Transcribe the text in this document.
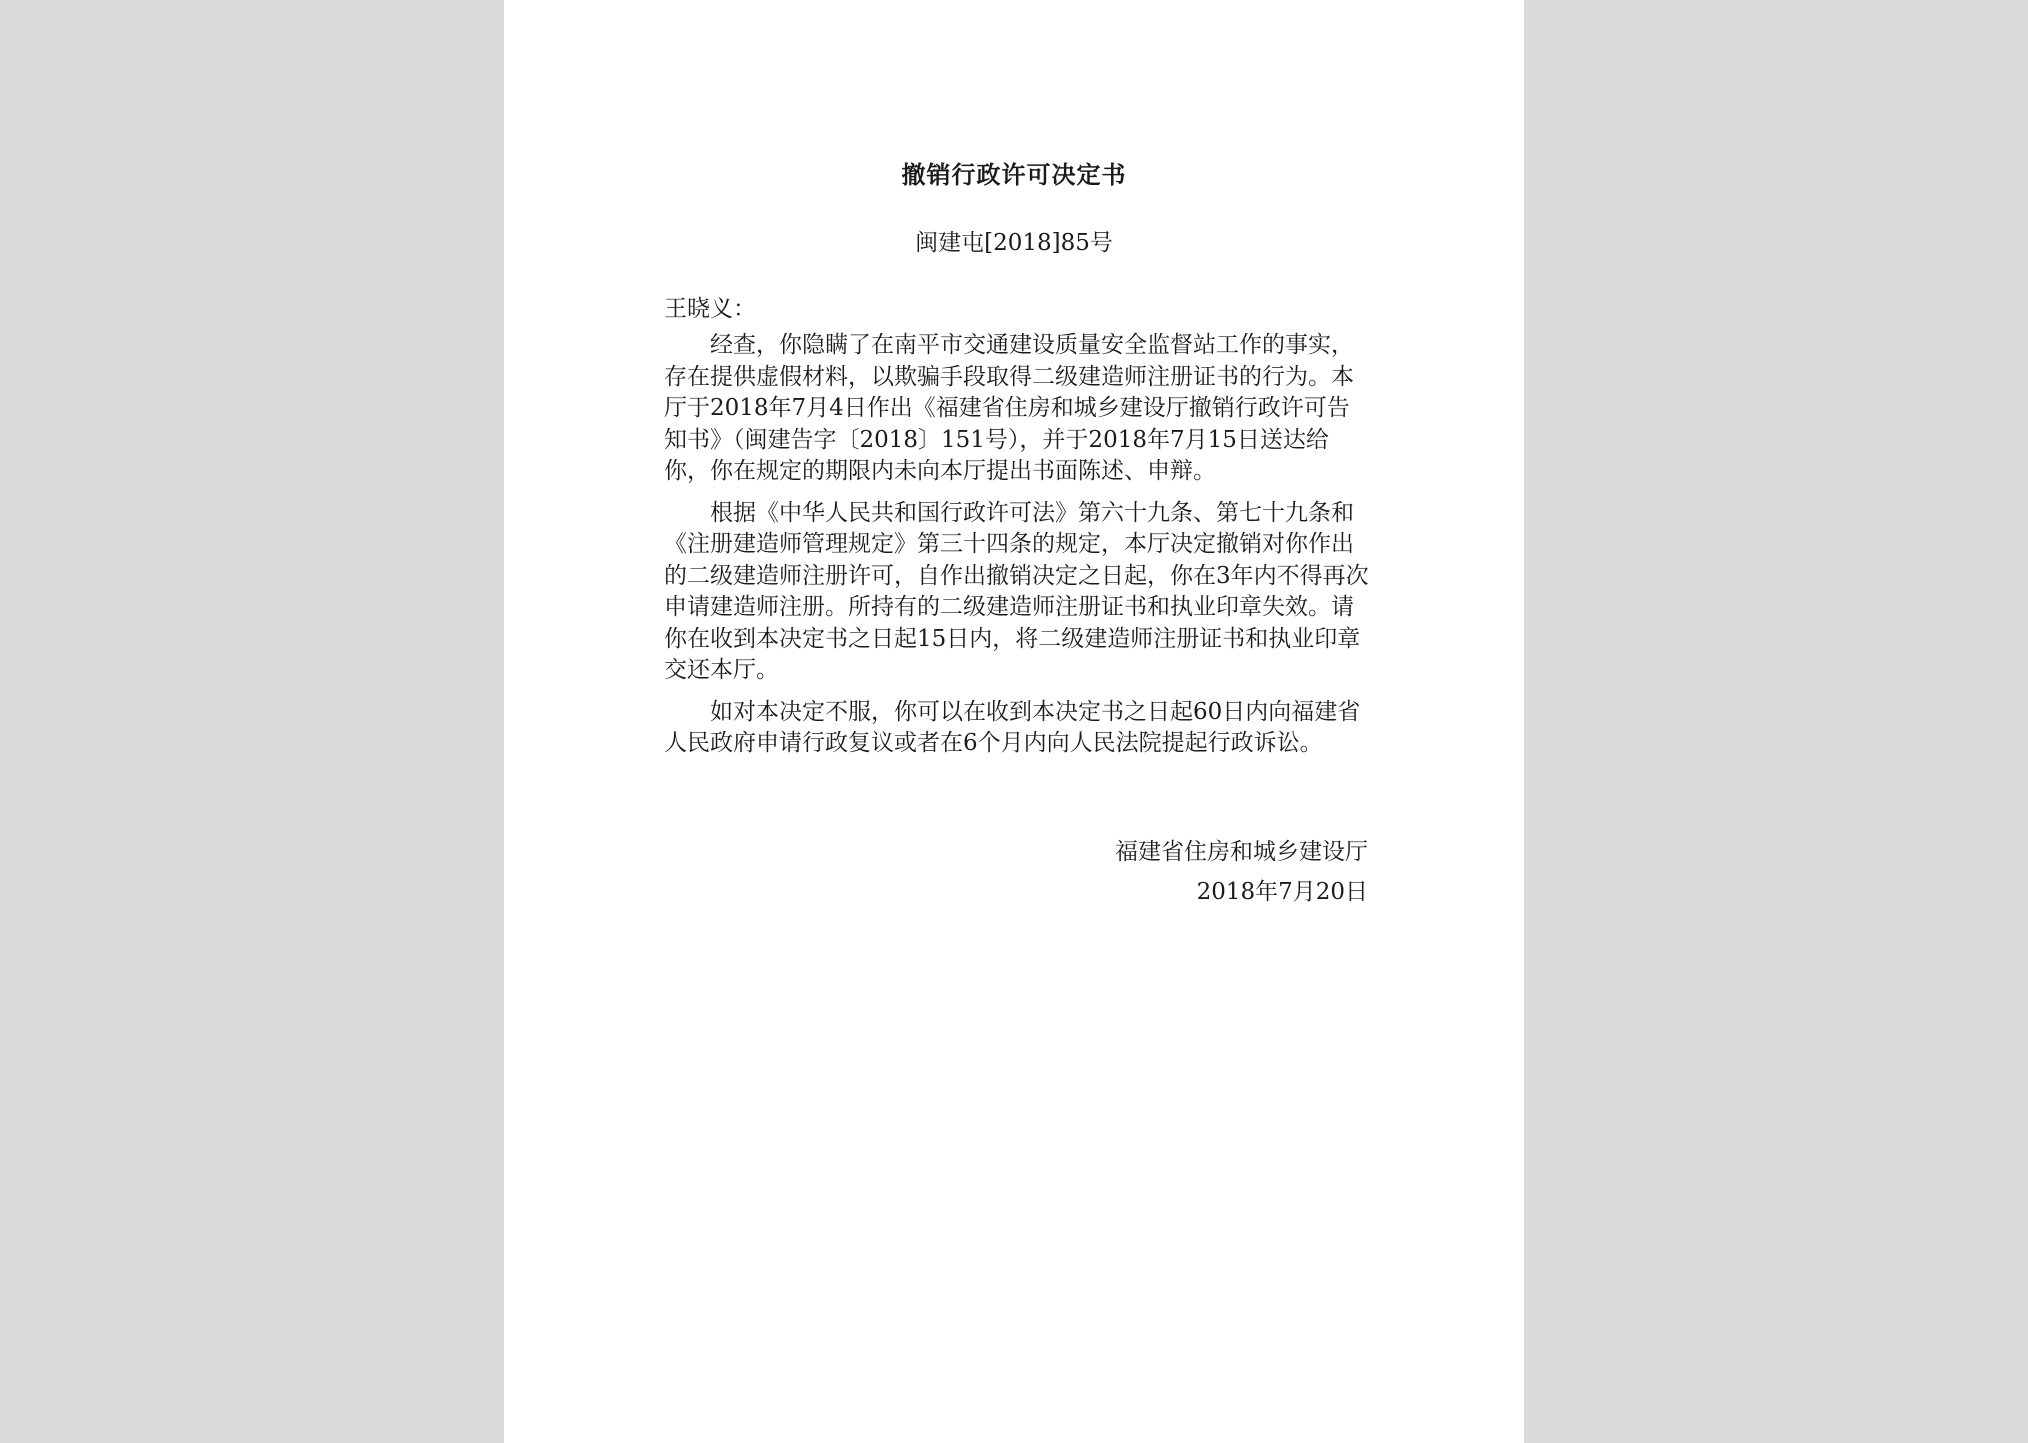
撤销行政许可决定书
闽建屯[2018]85号
王晓义：

经查，你隐瞒了在南平市交通建设质量安全监督站工作的事实，存在提供虚假材料，以欺骗手段取得二级建造师注册证书的行为。本厅于2018年7月4日作出《福建省住房和城乡建设厅撤销行政许可告知书》（闽建告字〔2018〕151号），并于2018年7月15日送达给你，你在规定的期限内未向本厅提出书面陈述、申辩。

根据《中华人民共和国行政许可法》第六十九条、第七十九条和《注册建造师管理规定》第三十四条的规定，本厅决定撤销对你作出的二级建造师注册许可，自作出撤销决定之日起，你在3年内不得再次申请建造师注册。所持有的二级建造师注册证书和执业印章失效。请你在收到本决定书之日起15日内，将二级建造师注册证书和执业印章交还本厅。

如对本决定不服，你可以在收到本决定书之日起60日内向福建省人民政府申请行政复议或者在6个月内向人民法院提起行政诉讼。

福建省住房和城乡建设厅
2018年7月20日
